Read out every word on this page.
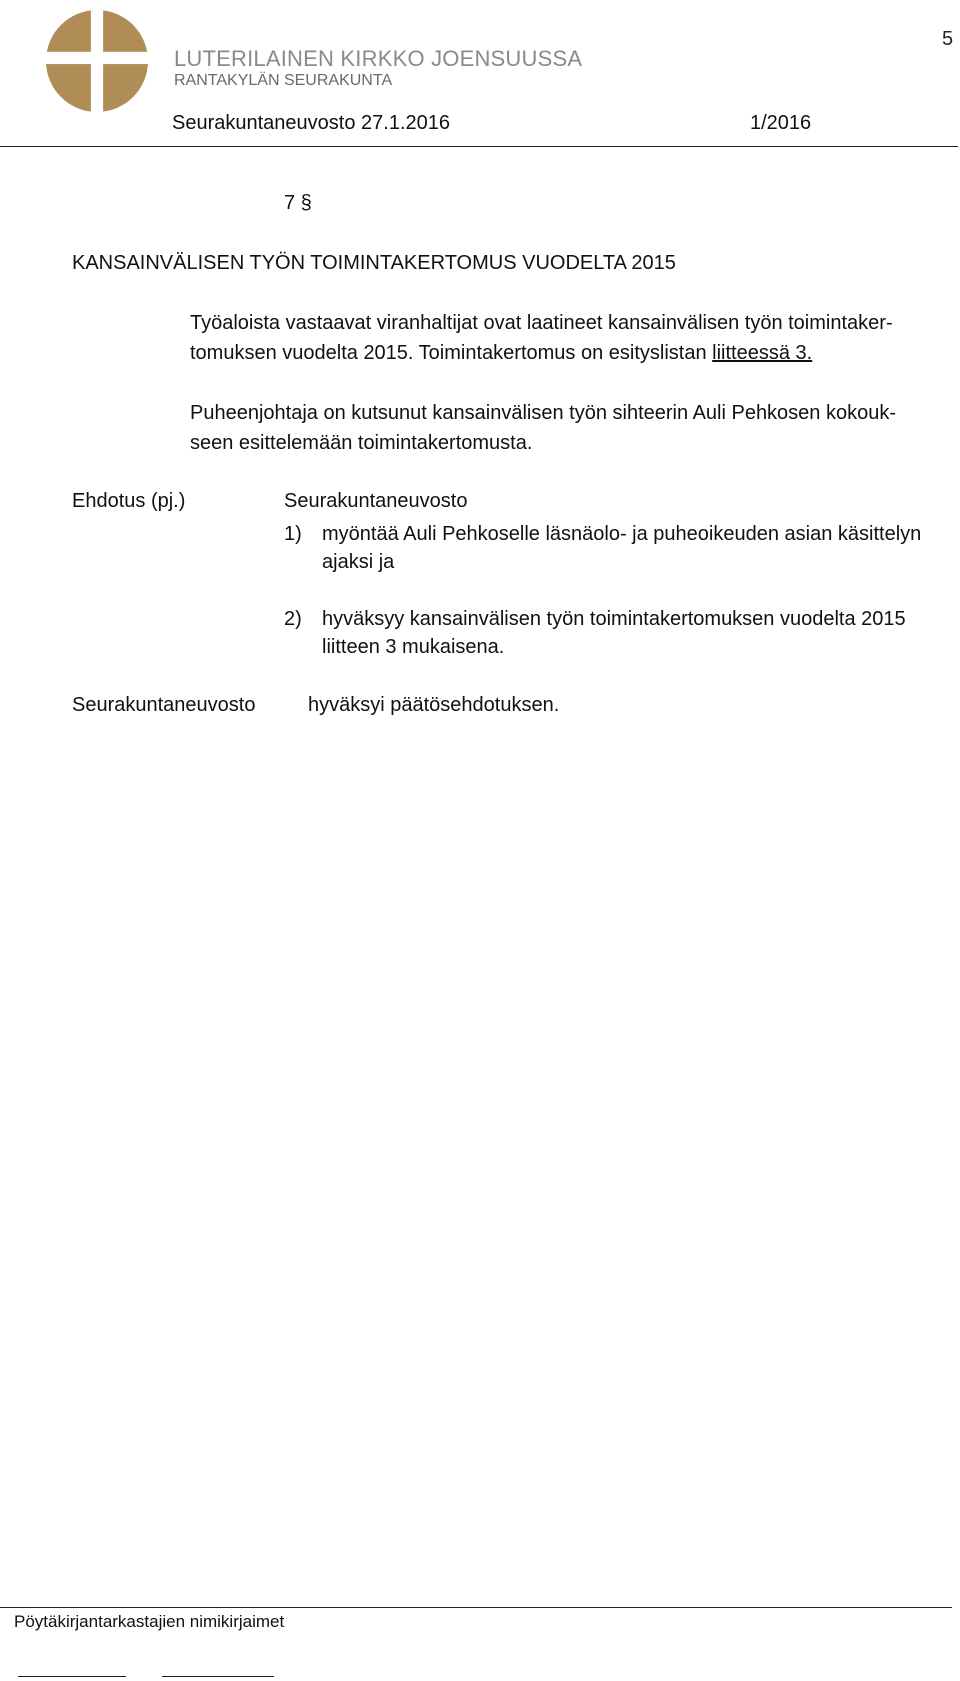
LUTERILAINEN KIRKKO JOENSUUSSA
RANTAKYLÄN SEURAKUNTA
5
Seurakuntaneuvosto 27.1.2016	1/2016
7 §
KANSAINVÄLISEN TYÖN TOIMINTAKERTOMUS VUODELTA 2015
Työaloista vastaavat viranhaltijat ovat laatineet kansainvälisen työn toimintaker-tomuksen vuodelta 2015. Toimintakertomus on esityslistan liitteessä 3.
Puheenjohtaja on kutsunut kansainvälisen työn sihteerin Auli Pehkosen kokouk-seen esittelemään toimintakertomusta.
Ehdotus (pj.)	Seurakuntaneuvosto
1) myöntää Auli Pehkoselle läsnäolo- ja puheoikeuden asian käsittelyn ajaksi ja
2) hyväksyy kansainvälisen työn toimintakertomuksen vuodelta 2015 liitteen 3 mukaisena.
Seurakuntaneuvosto	hyväksyi päätösehdotuksen.
Pöytäkirjantarkastajien nimikirjaimet
